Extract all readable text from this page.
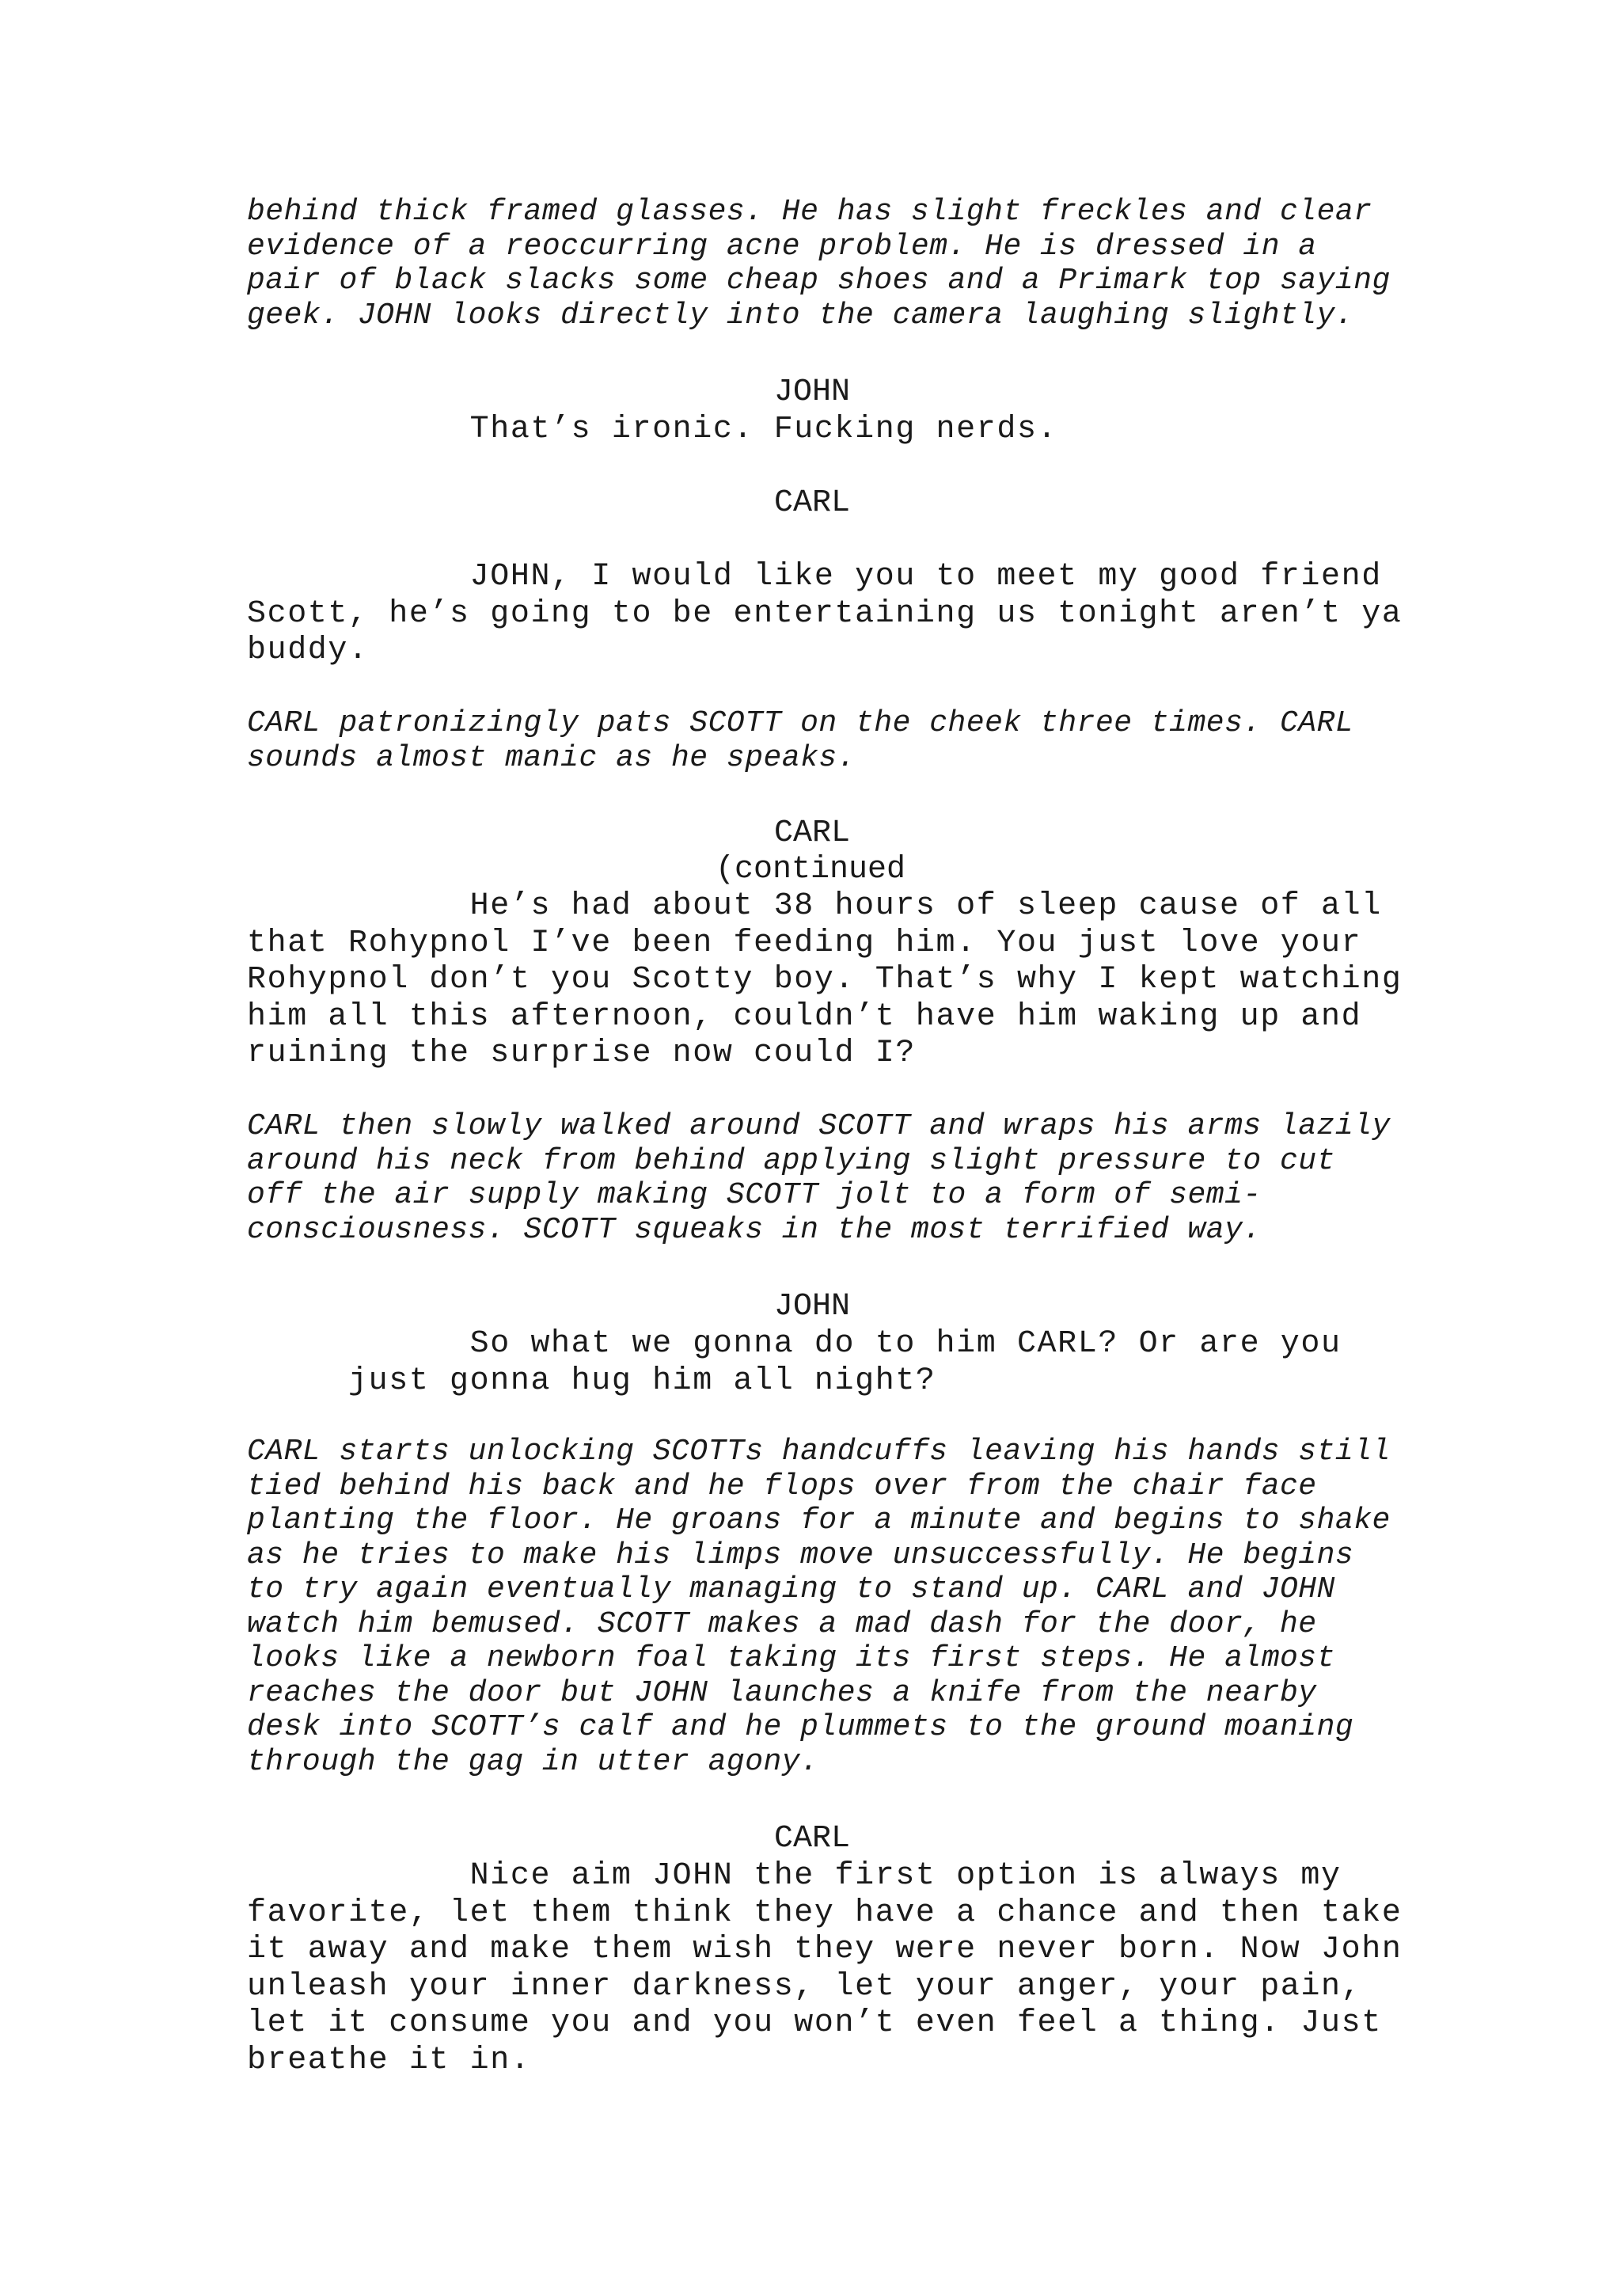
behind thick framed glasses. He has slight freckles and clear
evidence of a reoccurring acne problem. He is dressed in a
pair of black slacks some cheap shoes and a Primark top saying
geek. JOHN looks directly into the camera laughing slightly.

JOHN

That’s ironic. Fucking nerds.

CARL

JOHN, I would like you to meet my good friend
Scott, he’s going to be entertaining us tonight aren’t ya
buddy.

CARL patronizingly pats SCOTT on the cheek three times. CARL
sounds almost manic as he speaks.

CARL

(continued

He’s had about 38 hours of sleep cause of all
that Rohypnol I’ve been feeding him. You just love your
Rohypnol don’t you Scotty boy. That’s why I kept watching
him all this afternoon, couldn’t have him waking up and
ruining the surprise now could I?

CARL then slowly walked around SCOTT and wraps his arms lazily
around his neck from behind applying slight pressure to cut
off the air supply making SCOTT jolt to a form of semi-
consciousness. SCOTT squeaks in the most terrified way.

JOHN

So what we gonna do to him CARL? Or are you
just gonna hug him all night?

CARL starts unlocking SCOTTs handcuffs leaving his hands still
tied behind his back and he flops over from the chair face
planting the floor. He groans for a minute and begins to shake
as he tries to make his limps move unsuccessfully. He begins
to try again eventually managing to stand up. CARL and JOHN
watch him bemused. SCOTT makes a mad dash for the door, he
looks like a newborn foal taking its first steps. He almost
reaches the door but JOHN launches a knife from the nearby
desk into SCOTT’s calf and he plummets to the ground moaning
through the gag in utter agony.

CARL

Nice aim JOHN the first option is always my
favorite, let them think they have a chance and then take
it away and make them wish they were never born. Now John
unleash your inner darkness, let your anger, your pain,
let it consume you and you won’t even feel a thing. Just
breathe it in.
